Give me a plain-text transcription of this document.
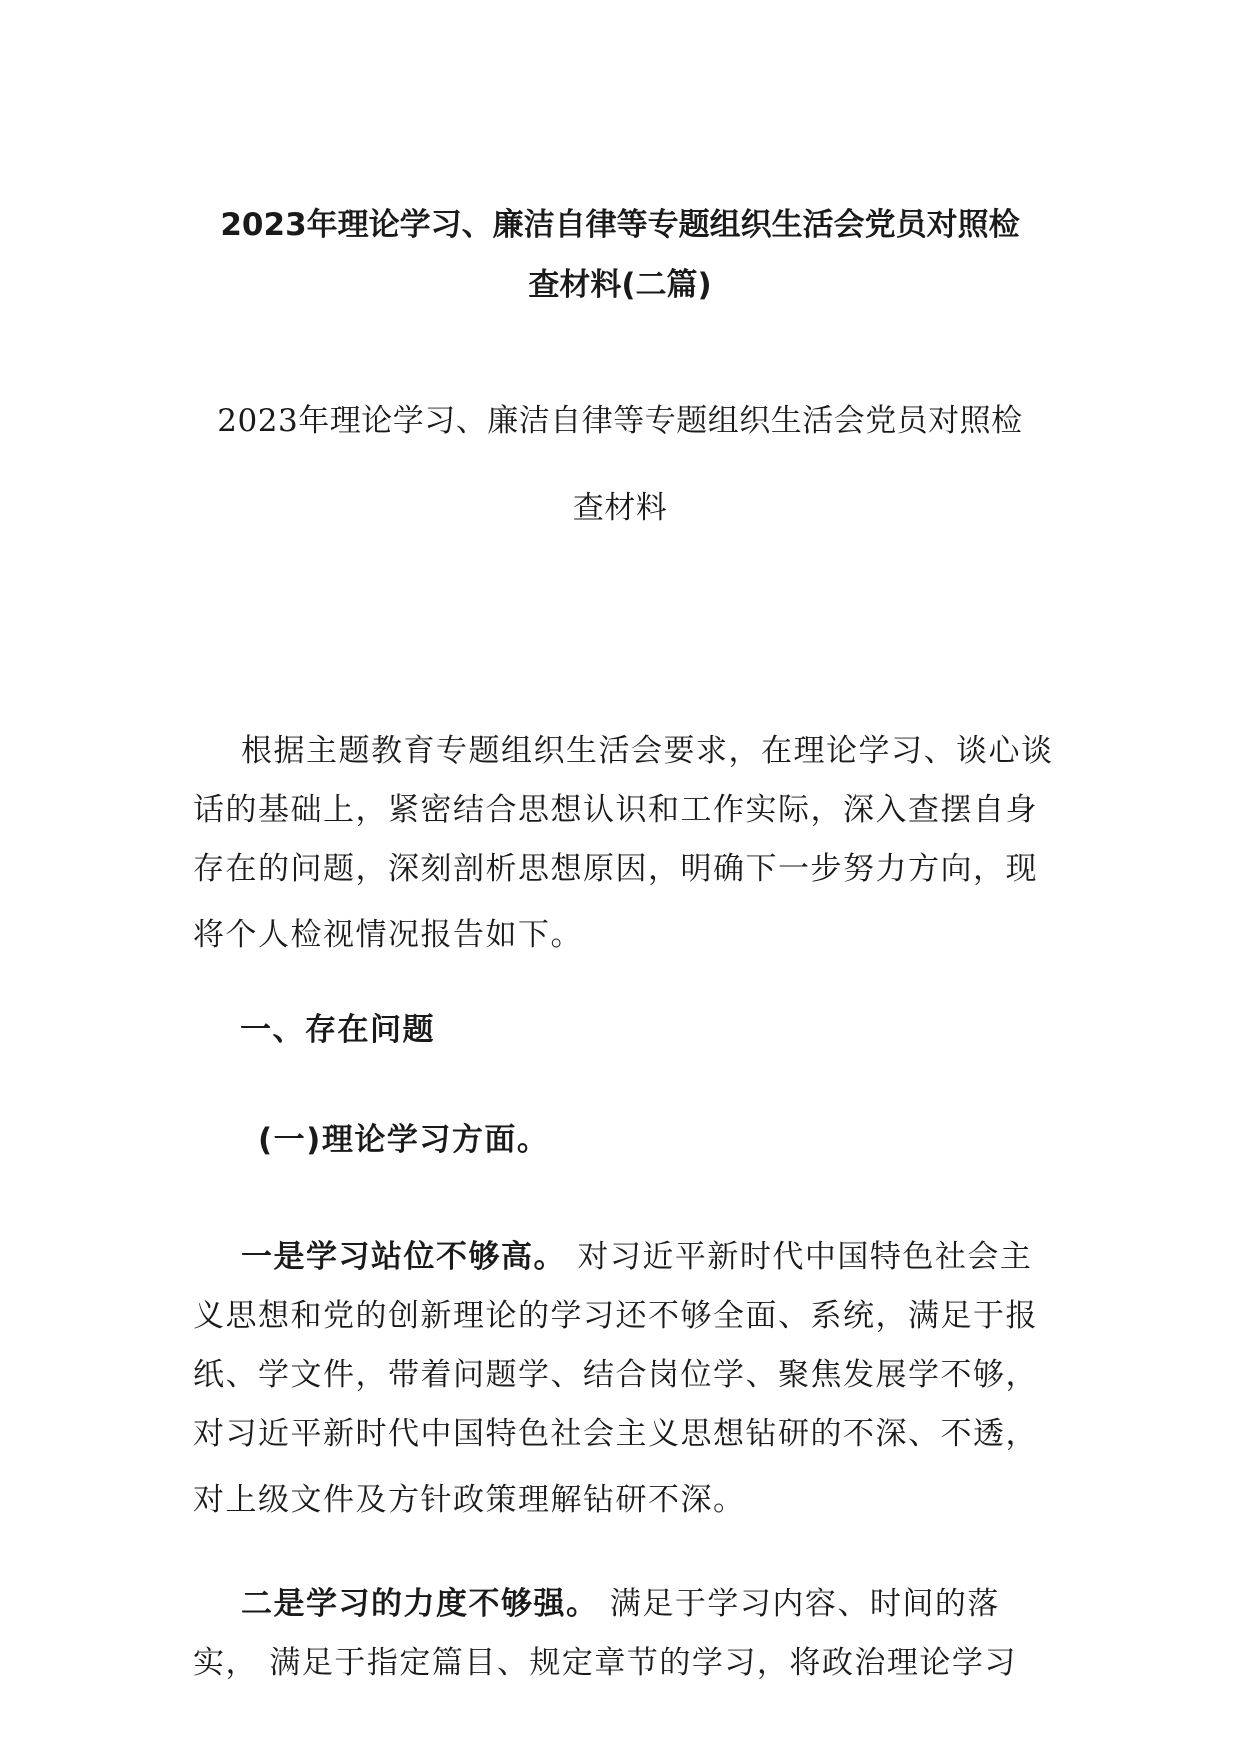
2023年理论学习、廉洁自律等专题组织生活会党员对照检
查材料(二篇)
2023年理论学习、廉洁自律等专题组织生活会党员对照检
查材料

根据主题教育专题组织生活会要求，在理论学习、谈心谈
话的基础上，紧密结合思想认识和工作实际，深入查摆自身
存在的问题，深刻剖析思想原因，明确下一步努力方向，现
将个人检视情况报告如下。

一、存在问题
(一)理论学习方面。

一是学习站位不够高。 对习近平新时代中国特色社会主
义思想和党的创新理论的学习还不够全面、系统，满足于报
纸、学文件，带着问题学、结合岗位学、聚焦发展学不够，
对习近平新时代中国特色社会主义思想钻研的不深、不透，
对上级文件及方针政策理解钻研不深。

二是学习的力度不够强。 满足于学习内容、时间的落
实， 满足于指定篇目、规定章节的学习，将政治理论学习
